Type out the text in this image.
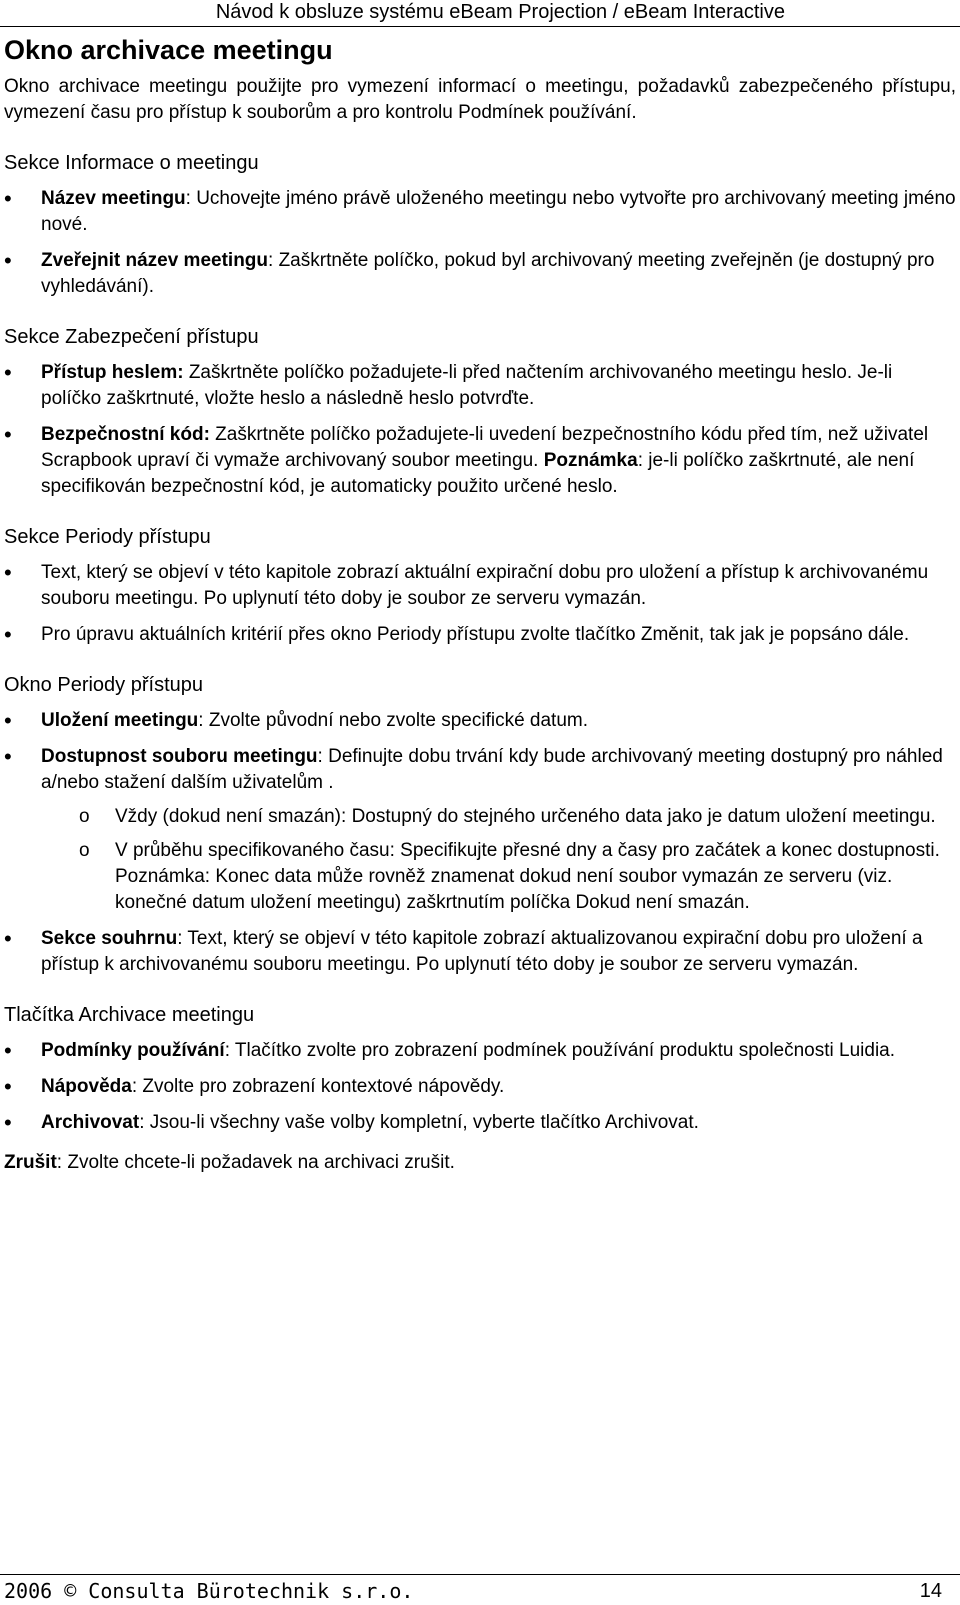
Návod k obsluze systému eBeam Projection / eBeam Interactive
Okno archivace meetingu

Okno archivace meetingu použijte pro vymezení informací o meetingu, požadavků zabezpečeného přístupu, vymezení času pro přístup k souborům a pro kontrolu Podmínek používání.

Sekce Informace o meetingu
• Název meetingu: Uchovejte jméno právě uloženého meetingu nebo vytvořte pro archivovaný meeting jméno nové.
• Zveřejnit název meetingu: Zaškrtněte políčko, pokud byl archivovaný meeting zveřejněn (je dostupný pro vyhledávání).
Sekce Zabezpečení přístupu
• Přístup heslem: Zaškrtněte políčko požadujete-li před načtením archivovaného meetingu heslo. Je-li políčko zaškrtnuté, vložte heslo a následně heslo potvrďte.
• Bezpečnostní kód: Zaškrtněte políčko požadujete-li uvedení bezpečnostního kódu před tím, než uživatel Scrapbook upraví či vymaže archivovaný soubor meetingu. Poznámka: je-li políčko zaškrtnuté, ale není specifikován bezpečnostní kód, je automaticky použito určené heslo.
Sekce Periody přístupu
• Text, který se objeví v této kapitole zobrazí aktuální expirační dobu pro uložení a přístup k archivovanému souboru meetingu. Po uplynutí této doby je soubor ze serveru vymazán.
• Pro úpravu aktuálních kritérií přes okno Periody přístupu zvolte tlačítko Změnit, tak jak je popsáno dále.
Okno Periody přístupu
• Uložení meetingu: Zvolte původní nebo zvolte specifické datum.
• Dostupnost souboru meetingu: Definujte dobu trvání kdy bude archivovaný meeting dostupný pro náhled a/nebo stažení dalším uživatelům .
o Vždy (dokud není smazán): Dostupný do stejného určeného data jako je datum uložení meetingu.
o V průběhu specifikovaného času: Specifikujte přesné dny a časy pro začátek a konec dostupnosti. Poznámka: Konec data může rovněž znamenat dokud není soubor vymazán ze serveru (viz. konečné datum uložení meetingu) zaškrtnutím políčka Dokud není smazán.
• Sekce souhrnu: Text, který se objeví v této kapitole zobrazí aktualizovanou expirační dobu pro uložení a přístup k archivovanému souboru meetingu. Po uplynutí této doby je soubor ze serveru vymazán.
Tlačítka Archivace meetingu
• Podmínky používání: Tlačítko zvolte pro zobrazení podmínek používání produktu společnosti Luidia.
• Nápověda: Zvolte pro zobrazení kontextové nápovědy.
• Archivovat: Jsou-li všechny vaše volby kompletní, vyberte tlačítko Archivovat.

Zrušit: Zvolte chcete-li požadavek na archivaci zrušit.

2006 © Consulta Bürotechnik s.r.o.	14
